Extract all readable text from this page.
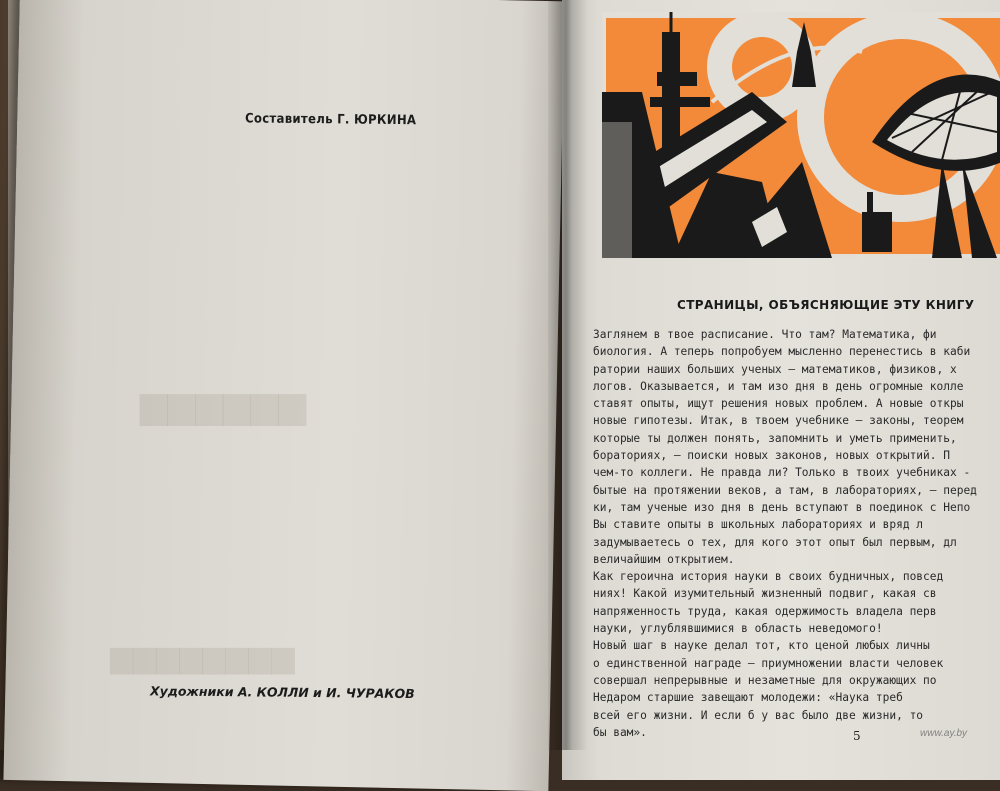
▆▆▆▆▆▆
▆▆▆▆▆▆▆▆
Составитель Г. ЮРКИНА
Художники А. КОЛЛИ и И. ЧУРАКОВ
СТРАНИЦЫ, ОБЪЯСНЯЮЩИЕ ЭТУ КНИГУ
Заглянем в твое расписание. Что там? Математика, фи
биология. А теперь попробуем мысленно перенестись в каби
ратории наших больших ученых — математиков, физиков, х
логов. Оказывается, и там изо дня в день огромные колле
ставят опыты, ищут решения новых проблем. А новые откры
новые гипотезы. Итак, в твоем учебнике — законы, теорем
которые ты должен понять, запомнить и уметь применить,
бораториях, — поиски новых законов, новых открытий. П
чем-то коллеги. Не правда ли? Только в твоих учебниках -
бытые на протяжении веков, а там, в лабораториях, — перед
ки, там ученые изо дня в день вступают в поединок с Непо
Вы ставите опыты в школьных лабораториях и вряд л
задумываетесь о тех, для кого этот опыт был первым, дл
величайшим открытием.
Как героична история науки в своих будничных, повсед
ниях! Какой изумительный жизненный подвиг, какая св
напряженность труда, какая одержимость владела перв
науки, углублявшимися в область неведомого!
Новый шаг в науке делал тот, кто ценой любых личны
о единственной награде — приумножении власти человек
совершал непрерывные и незаметные для окружающих по
Недаром старшие завещают молодежи: «Наука треб
всей его жизни. И если б у вас было две жизни, то
бы вам».	5	www.ay.by
